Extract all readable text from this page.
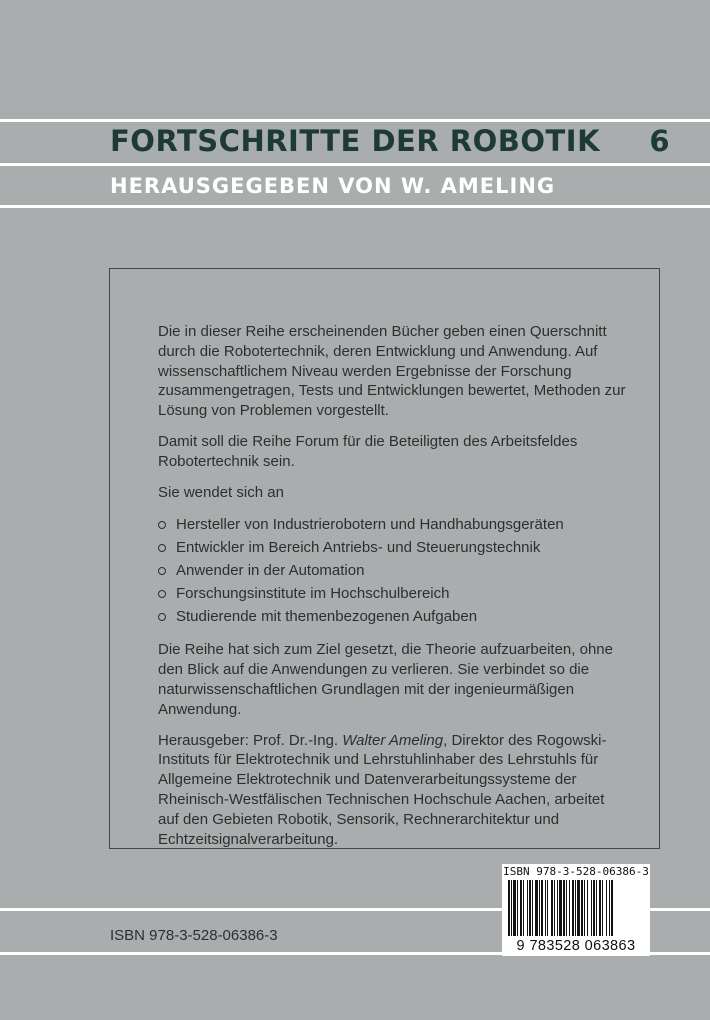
FORTSCHRITTE DER ROBOTIK 6
HERAUSGEGEBEN VON W. AMELING

Die in dieser Reihe erscheinenden Bücher geben einen Querschnitt durch die Robotertechnik, deren Entwicklung und Anwendung. Auf wissenschaftlichem Niveau werden Ergebnisse der Forschung zusammengetragen, Tests und Entwicklungen bewertet, Methoden zur Lösung von Problemen vorgestellt.

Damit soll die Reihe Forum für die Beteiligten des Arbeitsfeldes Robotertechnik sein.

Sie wendet sich an

Hersteller von Industrierobotern und Handhabungsgeräten
Entwickler im Bereich Antriebs- und Steuerungstechnik
Anwender in der Automation
Forschungsinstitute im Hochschulbereich
Studierende mit themenbezogenen Aufgaben

Die Reihe hat sich zum Ziel gesetzt, die Theorie aufzuarbeiten, ohne den Blick auf die Anwendungen zu verlieren. Sie verbindet so die naturwissenschaftlichen Grundlagen mit der ingenieurmäßigen Anwendung.

Herausgeber: Prof. Dr.-Ing. Walter Ameling, Direktor des Rogowski-Instituts für Elektrotechnik und Lehrstuhlinhaber des Lehrstuhls für Allgemeine Elektrotechnik und Datenverarbeitungssysteme der Rheinisch-Westfälischen Technischen Hochschule Aachen, arbeitet auf den Gebieten Robotik, Sensorik, Rechnerarchitektur und Echtzeitsignalverarbeitung.

ISBN 978-3-528-06386-3
ISBN 978-3-528-06386-3
9 783528 063863
